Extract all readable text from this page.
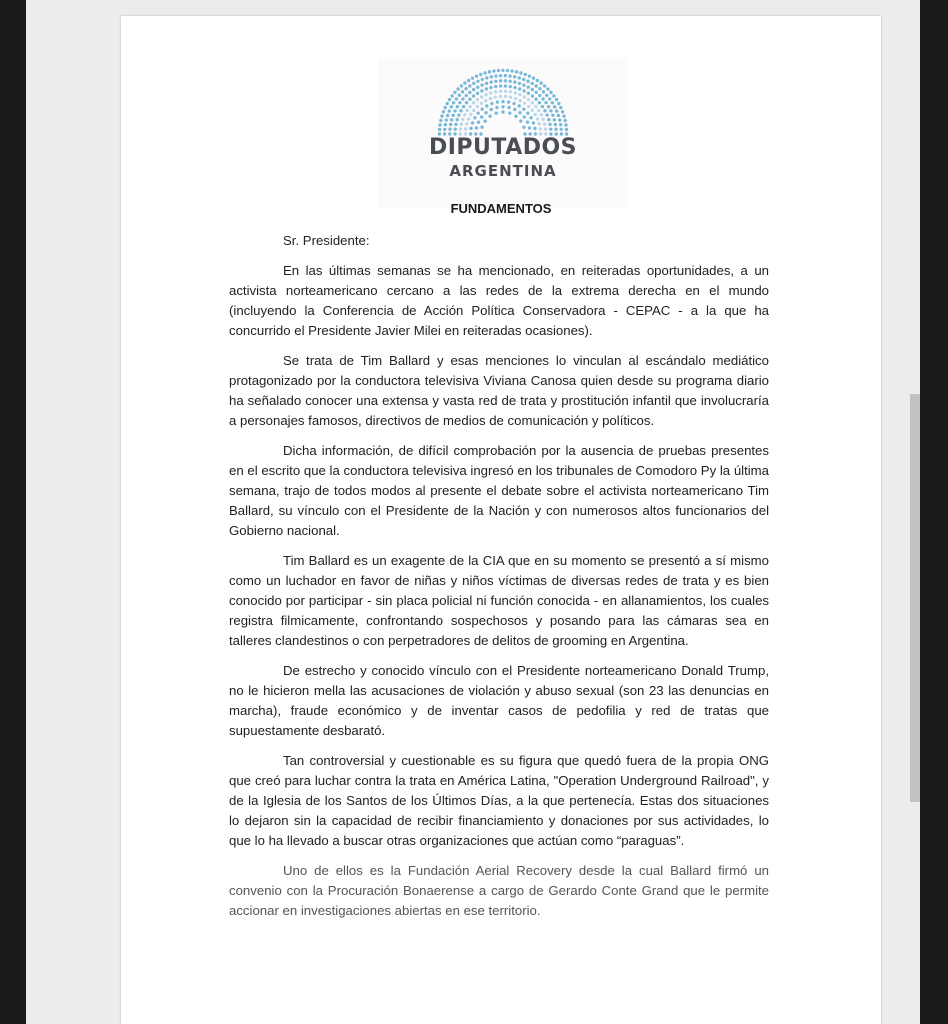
DIPUTADOS
ARGENTINA
FUNDAMENTOS

Sr. Presidente:

En las últimas semanas se ha mencionado, en reiteradas oportunidades, a un activista norteamericano cercano a las redes de la extrema derecha en el mundo (incluyendo la Conferencia de Acción Política Conservadora - CEPAC - a la que ha concurrido el Presidente Javier Milei en reiteradas ocasiones).

Se trata de Tim Ballard y esas menciones lo vinculan al escándalo mediático protagonizado por la conductora televisiva Viviana Canosa quien desde su programa diario ha señalado conocer una extensa y vasta red de trata y prostitución infantil que involucraría a personajes famosos, directivos de medios de comunicación y políticos.

Dicha información, de difícil comprobación por la ausencia de pruebas presentes en el escrito que la conductora televisiva ingresó en los tribunales de Comodoro Py la última semana, trajo de todos modos al presente el debate sobre el activista norteamericano Tim Ballard, su vínculo con el Presidente de la Nación y con numerosos altos funcionarios del Gobierno nacional.

Tim Ballard es un exagente de la CIA que en su momento se presentó a sí mismo como un luchador en favor de niñas y niños víctimas de diversas redes de trata y es bien conocido por participar - sin placa policial ni función conocida - en allanamientos, los cuales registra filmicamente, confrontando sospechosos y posando para las cámaras sea en talleres clandestinos o con perpetradores de delitos de grooming en Argentina.

De estrecho y conocido vínculo con el Presidente norteamericano Donald Trump, no le hicieron mella las acusaciones de violación y abuso sexual (son 23 las denuncias en marcha), fraude económico y de inventar casos de pedofilia y red de tratas que supuestamente desbarató.

Tan controversial y cuestionable es su figura que quedó fuera de la propia ONG que creó para luchar contra la trata en América Latina, "Operation Underground Railroad", y de la Iglesia de los Santos de los Últimos Días, a la que pertenecía. Estas dos situaciones lo dejaron sin la capacidad de recibir financiamiento y donaciones por sus actividades, lo que lo ha llevado a buscar otras organizaciones que actúan como “paraguas”.

Uno de ellos es la Fundación Aerial Recovery desde la cual Ballard firmó un convenio con la Procuración Bonaerense a cargo de Gerardo Conte Grand que le permite accionar en investigaciones abiertas en ese territorio.
